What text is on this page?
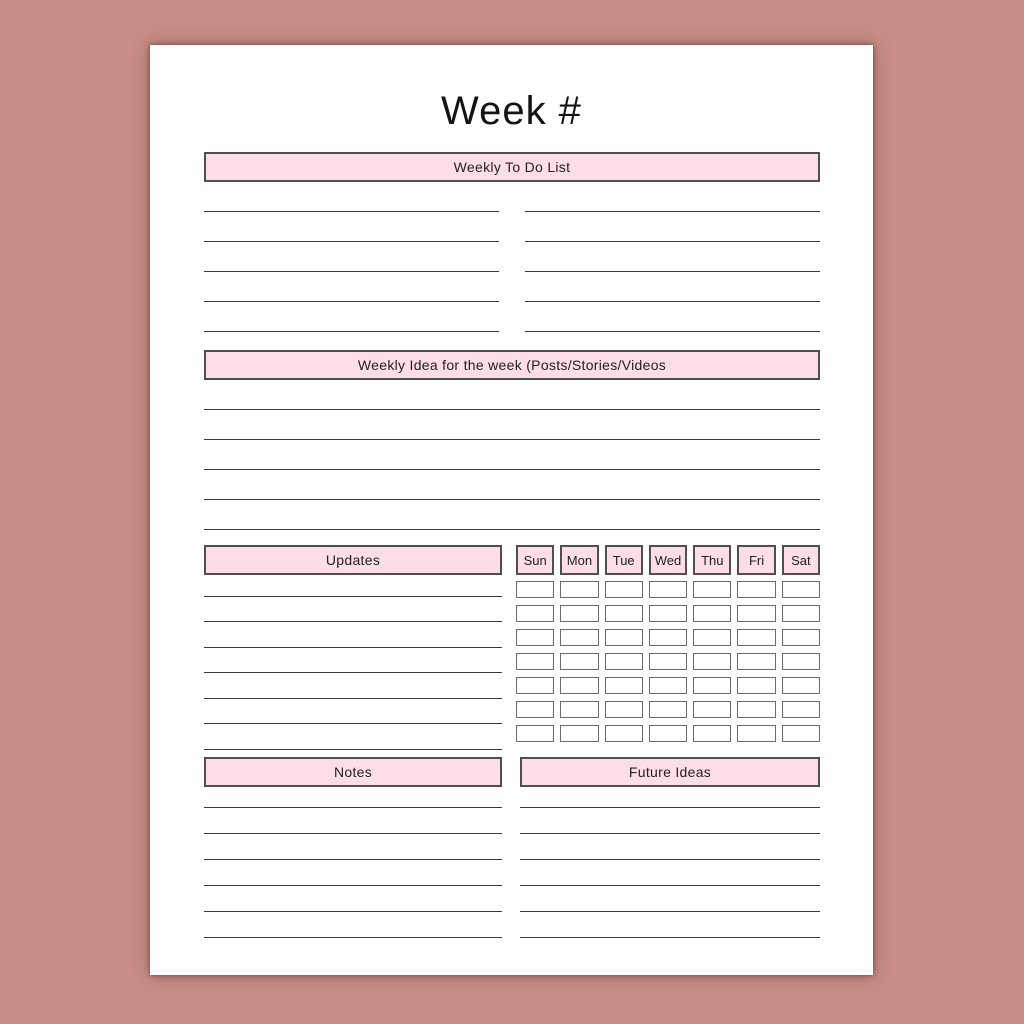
Week #
Weekly To Do List
Weekly Idea for the week (Posts/Stories/Videos
Updates	Sun	Mon	Tue	Wed	Thu	Fri	Sat
Notes	Future Ideas
